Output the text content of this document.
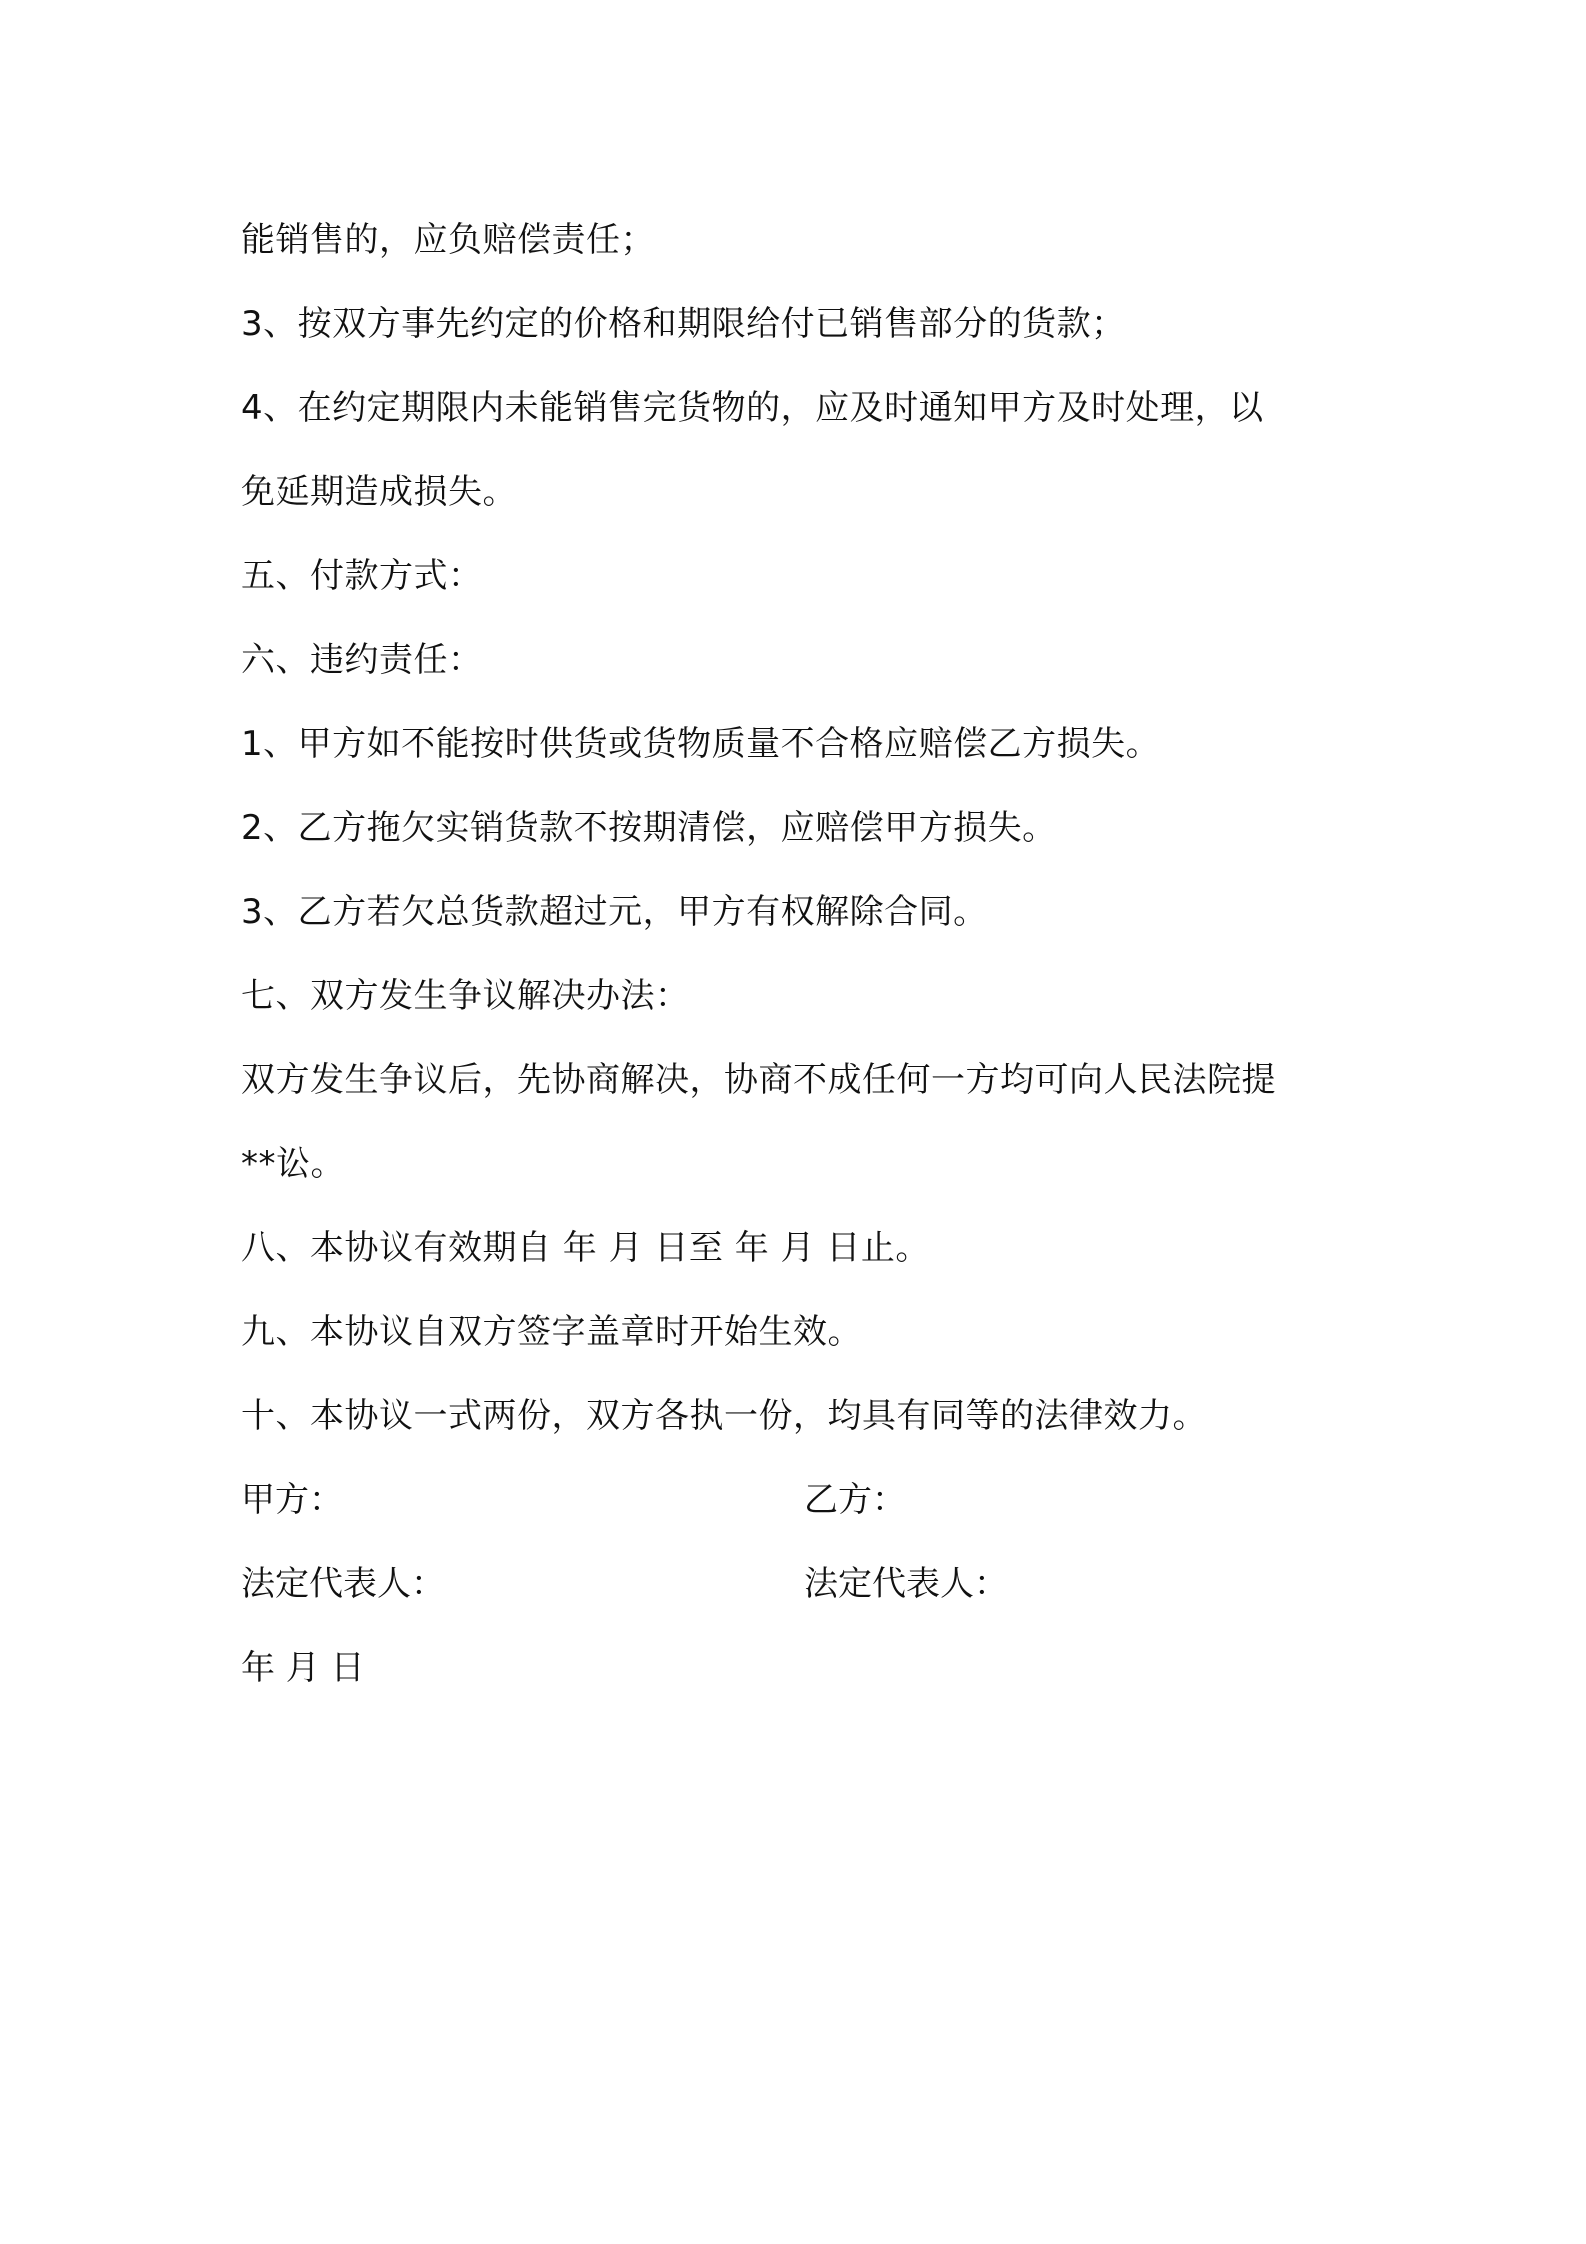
能销售的，应负赔偿责任；
3、按双方事先约定的价格和期限给付已销售部分的货款；
4、在约定期限内未能销售完货物的，应及时通知甲方及时处理，以
免延期造成损失。
五、付款方式：
六、违约责任：
1、甲方如不能按时供货或货物质量不合格应赔偿乙方损失。
2、乙方拖欠实销货款不按期清偿，应赔偿甲方损失。
3、乙方若欠总货款超过元，甲方有权解除合同。
七、双方发生争议解决办法：
双方发生争议后，先协商解决，协商不成任何一方均可向人民法院提
**讼。
八、本协议有效期自 年 月 日至 年 月 日止。
九、本协议自双方签字盖章时开始生效。
十、本协议一式两份，双方各执一份，均具有同等的法律效力。
甲方：	乙方：
法定代表人：	法定代表人：
年 月 日
